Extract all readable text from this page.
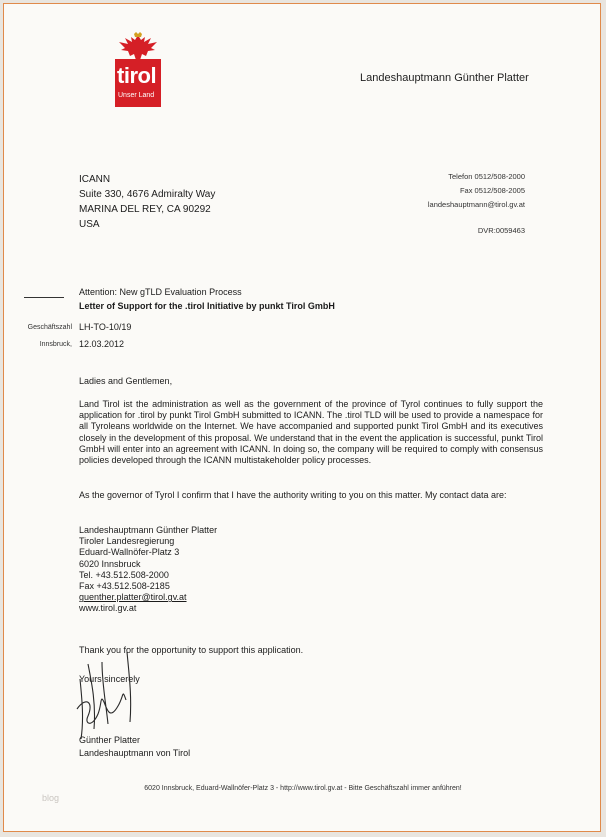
tirol
Unser Land
Landeshauptmann Günther Platter
ICANN
Suite 330, 4676 Admiralty Way
MARINA DEL REY, CA 90292
USA
Telefon 0512/508-2000
Fax 0512/508-2005
landeshauptmann@tirol.gv.at
DVR:0059463
Attention: New gTLD Evaluation Process
Letter of Support for the .tirol Initiative by punkt Tirol GmbH
Geschäftszahl LH-TO-10/19
Innsbruck, 12.03.2012
Ladies and Gentlemen,
Land Tirol ist the administration as well as the government of the province of Tyrol continues to fully support the application for .tirol by punkt Tirol GmbH submitted to ICANN. The .tirol TLD will be used to provide a namespace for all Tyroleans worldwide on the Internet. We have accompanied and supported punkt Tirol GmbH and its executives closely in the development of this proposal. We understand that in the event the application is successful, punkt Tirol GmbH will enter into an agreement with ICANN. In doing so, the company will be required to comply with consensus policies developed through the ICANN multistakeholder policy processes.
As the governor of Tyrol I confirm that I have the authority writing to you on this matter. My contact data are:
Landeshauptmann Günther Platter
Tiroler Landesregierung
Eduard-Wallnöfer-Platz 3
6020 Innsbruck
Tel. +43.512.508-2000
Fax +43.512.508-2185
guenther.platter@tirol.gv.at
www.tirol.gv.at
Thank you for the opportunity to support this application.
Yours sincerely
Günther Platter
Landeshauptmann von Tirol
6020 Innsbruck, Eduard-Wallnöfer-Platz 3 - http://www.tirol.gv.at - Bitte Geschäftszahl immer anführen!
blog
